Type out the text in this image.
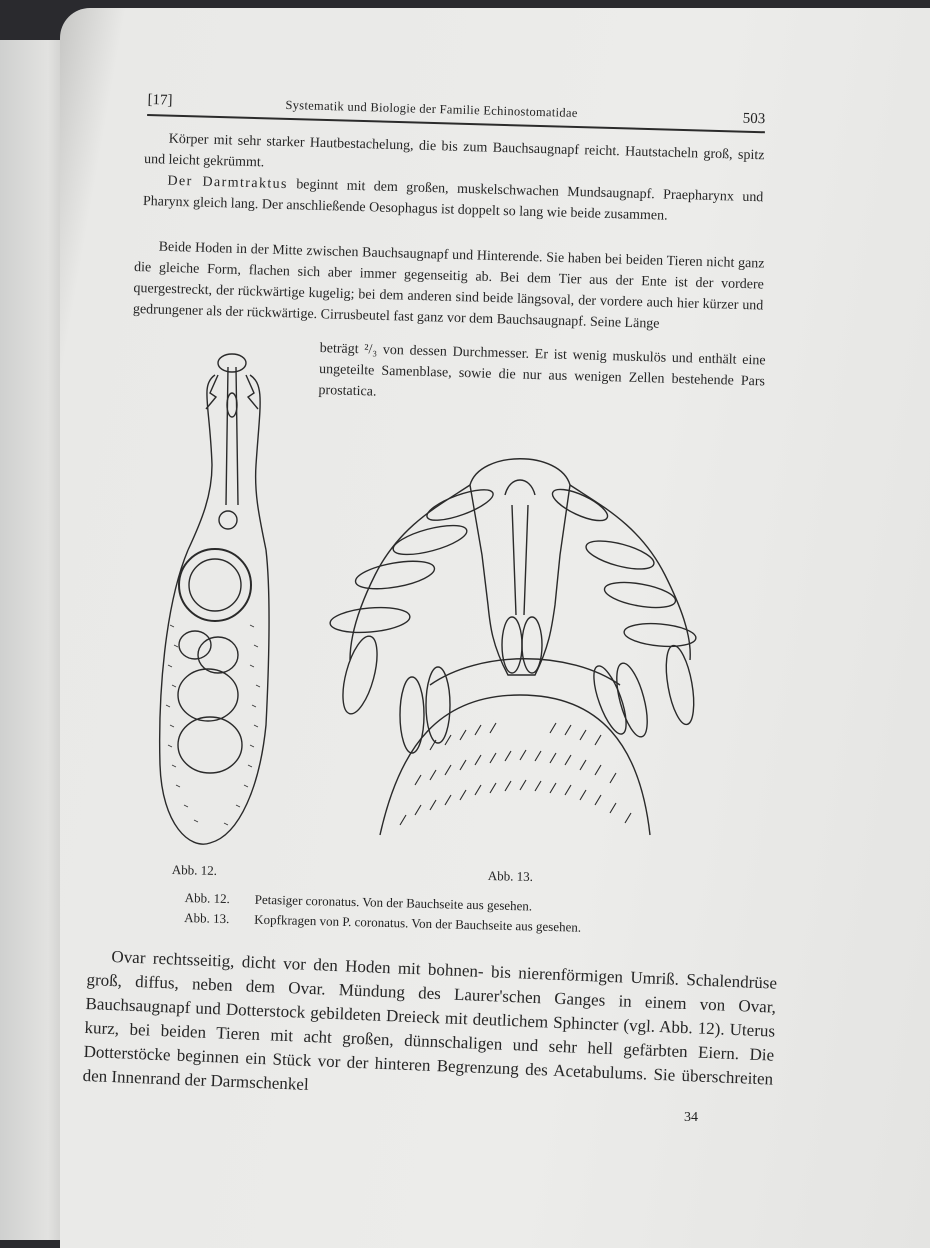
[17]	Systematik und Biologie der Familie Echinostomatidae	503

Körper mit sehr starker Hautbestachelung, die bis zum Bauchsaugnapf reicht. Hautstacheln groß, spitz und leicht gekrümmt.

Der Darmtraktus beginnt mit dem großen, muskelschwachen Mundsaugnapf. Praepharynx und Pharynx gleich lang. Der anschließende Oesophagus ist doppelt so lang wie beide zusammen.

Beide Hoden in der Mitte zwischen Bauchsaugnapf und Hinterende. Sie haben bei beiden Tieren nicht ganz die gleiche Form, flachen sich aber immer gegenseitig ab. Bei dem Tier aus der Ente ist der vordere quergestreckt, der rückwärtige kugelig; bei dem anderen sind beide längsoval, der vordere auch hier kürzer und gedrungener als der rückwärtige. Cirrusbeutel fast ganz vor dem Bauchsaugnapf. Seine Länge

beträgt ²/₃ von dessen Durchmesser. Er ist wenig muskulös und enthält eine ungeteilte Samenblase, sowie die nur aus wenigen Zellen bestehende Pars prostatica.

Abb. 12.	Abb. 13.
Abb. 12. Petasiger coronatus. Von der Bauchseite aus gesehen.
Abb. 13. Kopfkragen von P. coronatus. Von der Bauchseite aus gesehen.

Ovar rechtsseitig, dicht vor den Hoden mit bohnen- bis nierenförmigen Umriß. Schalendrüse groß, diffus, neben dem Ovar. Mündung des Laurer'schen Ganges in einem von Ovar, Bauchsaugnapf und Dotterstock gebildeten Dreieck mit deutlichem Sphincter (vgl. Abb. 12). Uterus kurz, bei beiden Tieren mit acht großen, dünnschaligen und sehr hell gefärbten Eiern. Die Dotterstöcke beginnen ein Stück vor der hinteren Begrenzung des Acetabulums. Sie überschreiten den Innenrand der Darmschenkel

34
